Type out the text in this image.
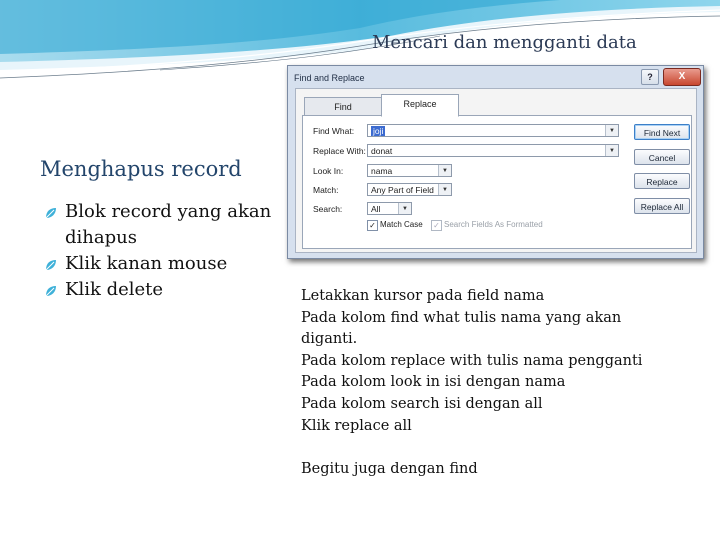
Mencari dan mengganti data
Menghapus record
Blok record yang akan
dihapus
Klik kanan mouse
Klik delete
Find and Replace	?	X
Find	Replace
Find What:	joji	▼
Replace With: donat	▼
Look In:	nama	▼
Match:	Any Part of Field	▼
Search:	All	▼
✓ Match Case ✓ Search Fields As Formatted
Find Next
Cancel
Replace
Replace All
Letakkan kursor pada field nama
Pada kolom find what tulis nama yang akan
diganti.
Pada kolom replace with tulis nama pengganti
Pada kolom look in isi dengan nama
Pada kolom search isi dengan all
Klik replace all
Begitu juga dengan find
